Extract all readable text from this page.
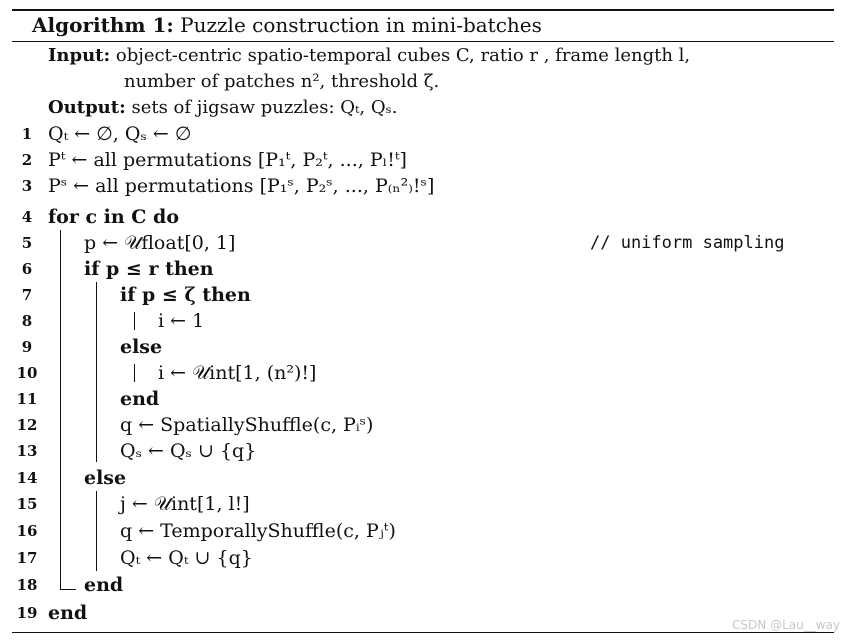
Algorithm 1: Puzzle construction in mini-batches
Input: object-centric spatio-temporal cubes C, ratio r , frame length l,
number of patches n², threshold ζ.
Output: sets of jigsaw puzzles: Qₜ, Qₛ.
1
2
3
4
5
6
7
8
9
10
11
12
13
14
15
16
17
18
19
Qₜ ← ∅, Qₛ ← ∅
Pᵗ ← all permutations [P₁ᵗ, P₂ᵗ, ..., Pₗ!ᵗ]
Pˢ ← all permutations [P₁ˢ, P₂ˢ, ..., P₍ₙ²₎!ˢ]
for c in C do
p ← 𝒰float[0, 1]	// uniform sampling
if p ≤ r then
if p ≤ ζ then
i ← 1
else
i ← 𝒰int[1, (n²)!]
end
q ← SpatiallyShuffle(c, Pᵢˢ)
Qₛ ← Qₛ ∪ {q}
else
j ← 𝒰int[1, l!]
q ← TemporallyShuffle(c, Pⱼᵗ)
Qₜ ← Qₜ ∪ {q}
end
end
CSDN @Lau__way
